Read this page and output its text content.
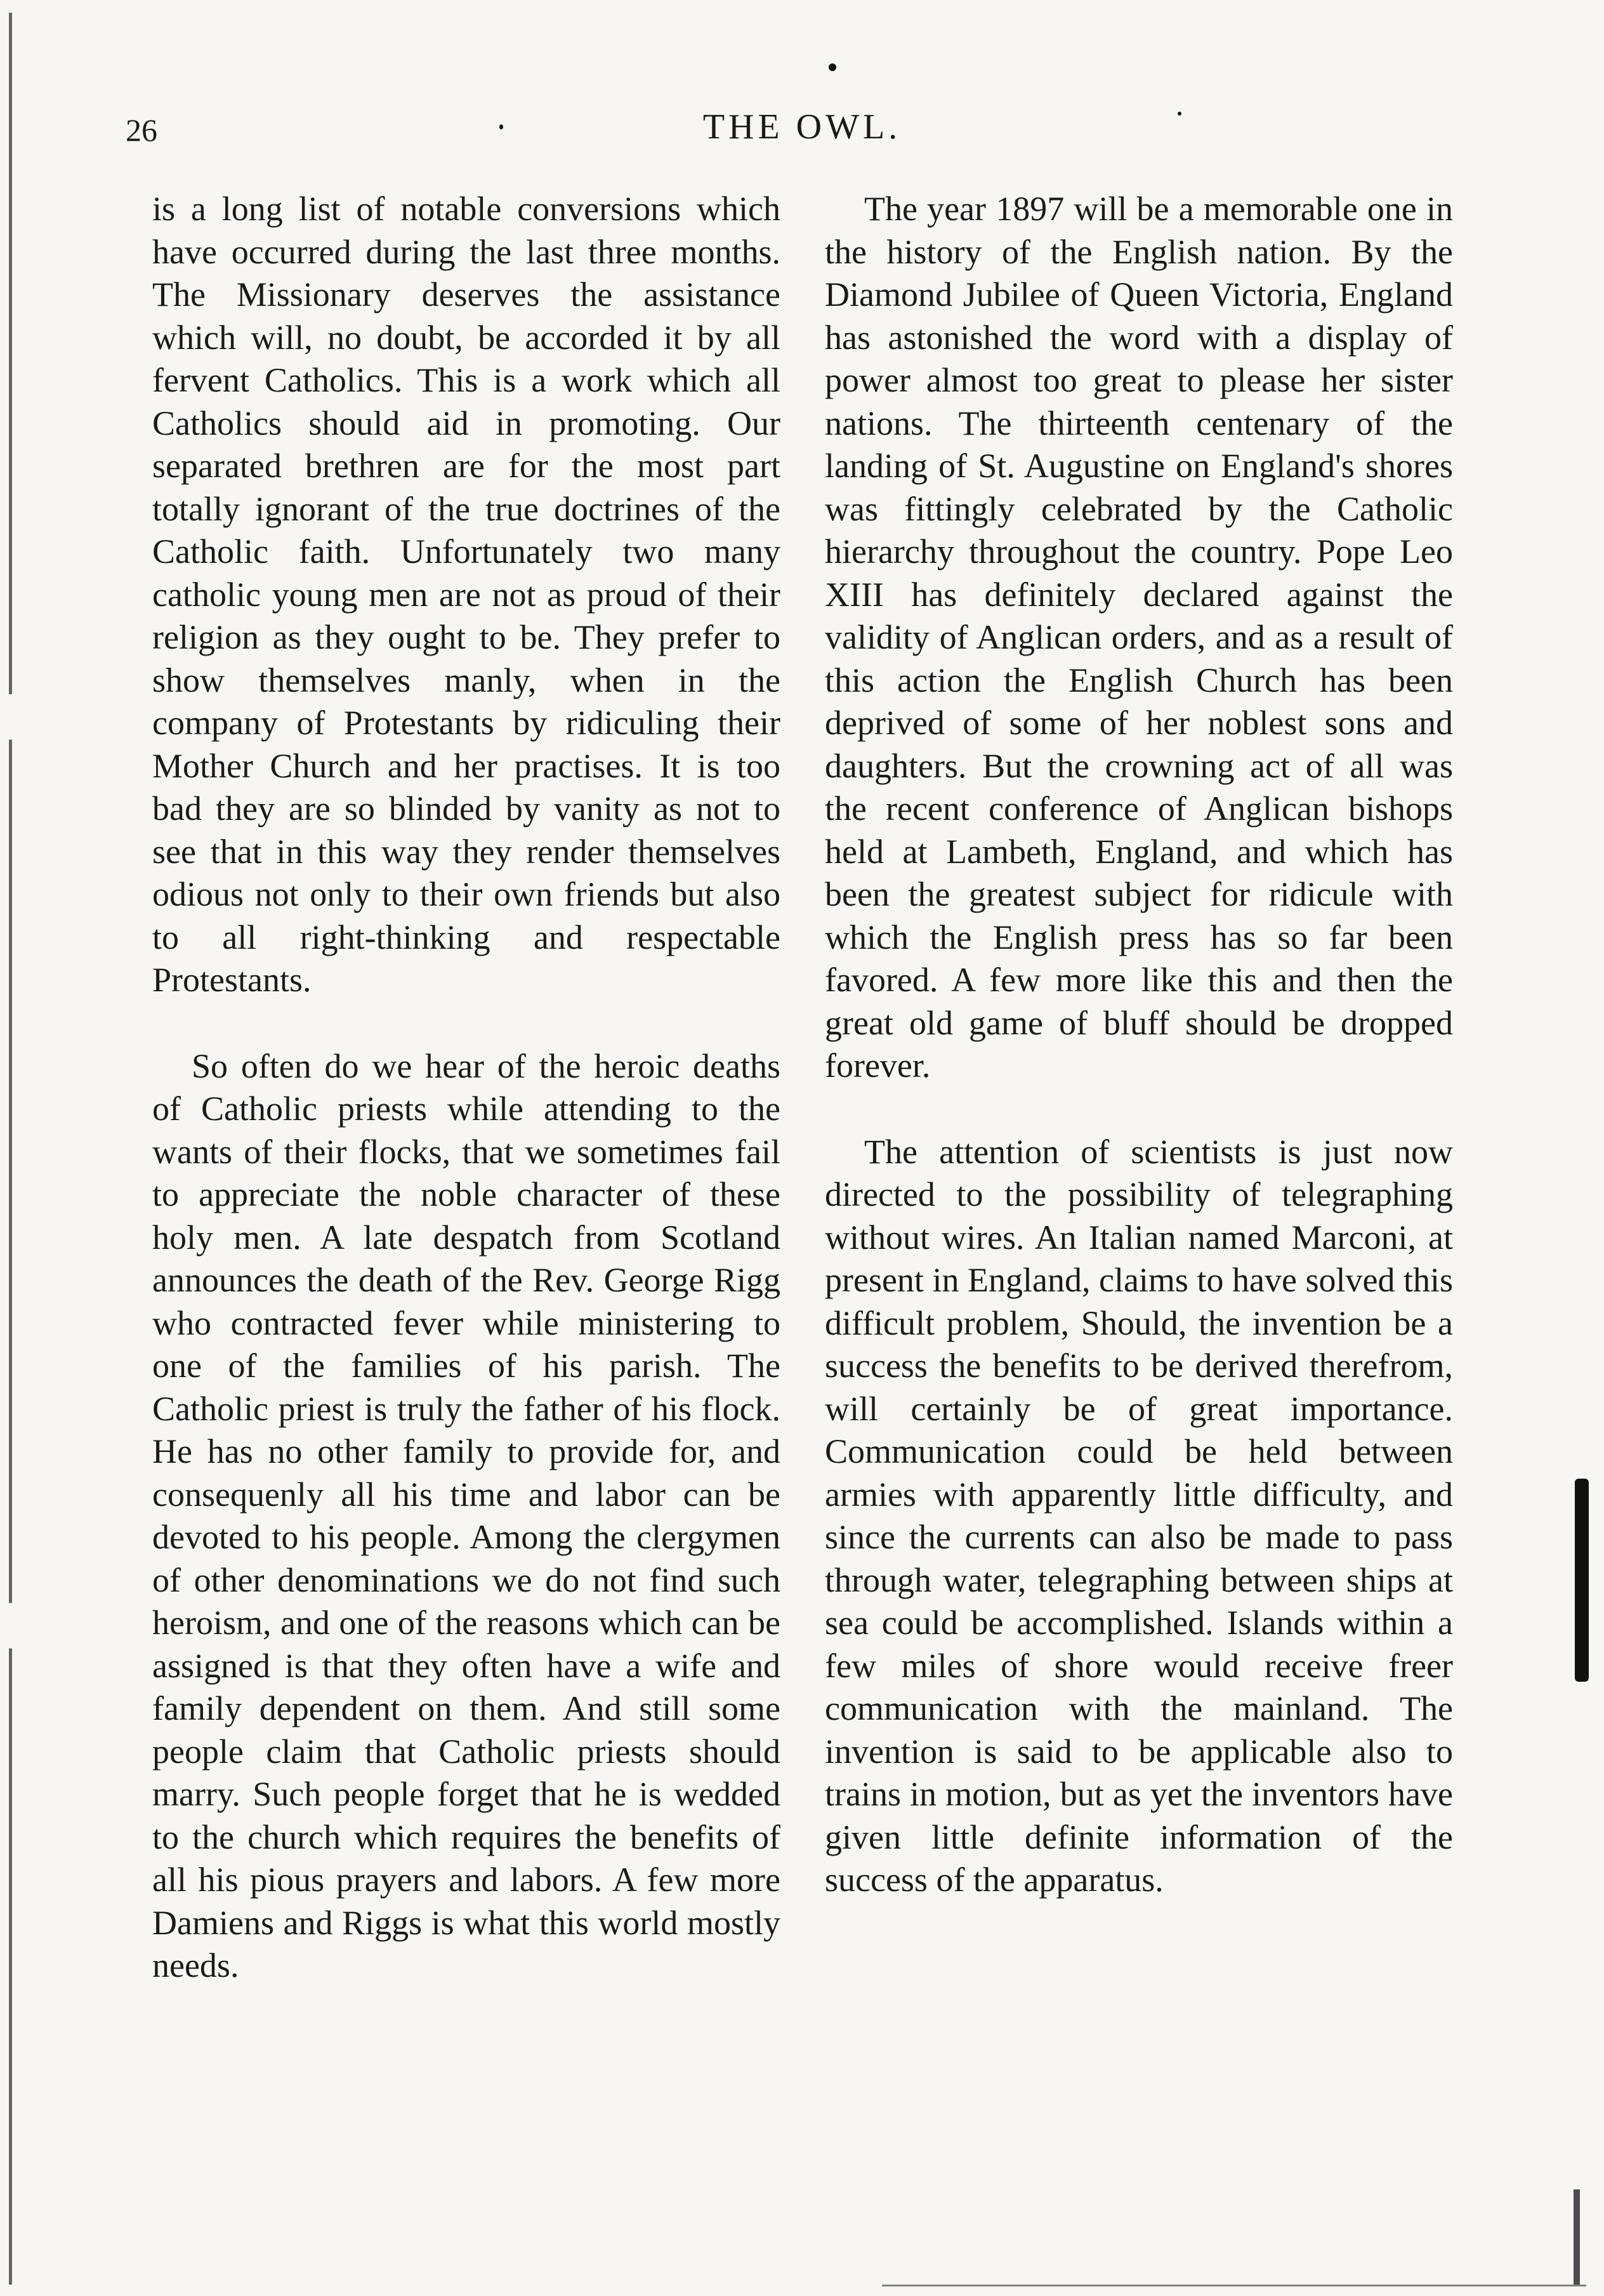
26	THE OWL.

is a long list of notable conversions which have occurred during the last three months. The Missionary deserves the assistance which will, no doubt, be accorded it by all fervent Catholics. This is a work which all Catholics should aid in promoting. Our separated brethren are for the most part totally ignorant of the true doctrines of the Catholic faith. Unfortunately two many catholic young men are not as proud of their religion as they ought to be. They prefer to show themselves manly, when in the company of Protestants by ridiculing their Mother Church and her practises. It is too bad they are so blinded by vanity as not to see that in this way they render themselves odious not only to their own friends but also to all right-thinking and respectable Protestants.

So often do we hear of the heroic deaths of Catholic priests while attending to the wants of their flocks, that we sometimes fail to appreciate the noble character of these holy men. A late despatch from Scotland announces the death of the Rev. George Rigg who contracted fever while ministering to one of the families of his parish. The Catholic priest is truly the father of his flock. He has no other family to provide for, and consequenly all his time and labor can be devoted to his people. Among the clergymen of other denominations we do not find such heroism, and one of the reasons which can be assigned is that they often have a wife and family dependent on them. And still some people claim that Catholic priests should marry. Such people forget that he is wedded to the church which requires the benefits of all his pious prayers and labors. A few more Damiens and Riggs is what this world mostly needs.

The year 1897 will be a memorable one in the history of the English nation. By the Diamond Jubilee of Queen Victoria, England has astonished the word with a display of power almost too great to please her sister nations. The thirteenth centenary of the landing of St. Augustine on England's shores was fittingly celebrated by the Catholic hierarchy throughout the country. Pope Leo XIII has definitely declared against the validity of Anglican orders, and as a result of this action the English Church has been deprived of some of her noblest sons and daughters. But the crowning act of all was the recent conference of Anglican bishops held at Lambeth, England, and which has been the greatest subject for ridicule with which the English press has so far been favored. A few more like this and then the great old game of bluff should be dropped forever.

The attention of scientists is just now directed to the possibility of telegraphing without wires. An Italian named Marconi, at present in England, claims to have solved this difficult problem, Should, the invention be a success the benefits to be derived therefrom, will certainly be of great importance. Communication could be held between armies with apparently little difficulty, and since the currents can also be made to pass through water, telegraphing between ships at sea could be accomplished. Islands within a few miles of shore would receive freer communication with the mainland. The invention is said to be applicable also to trains in motion, but as yet the inventors have given little definite information of the success of the apparatus.
